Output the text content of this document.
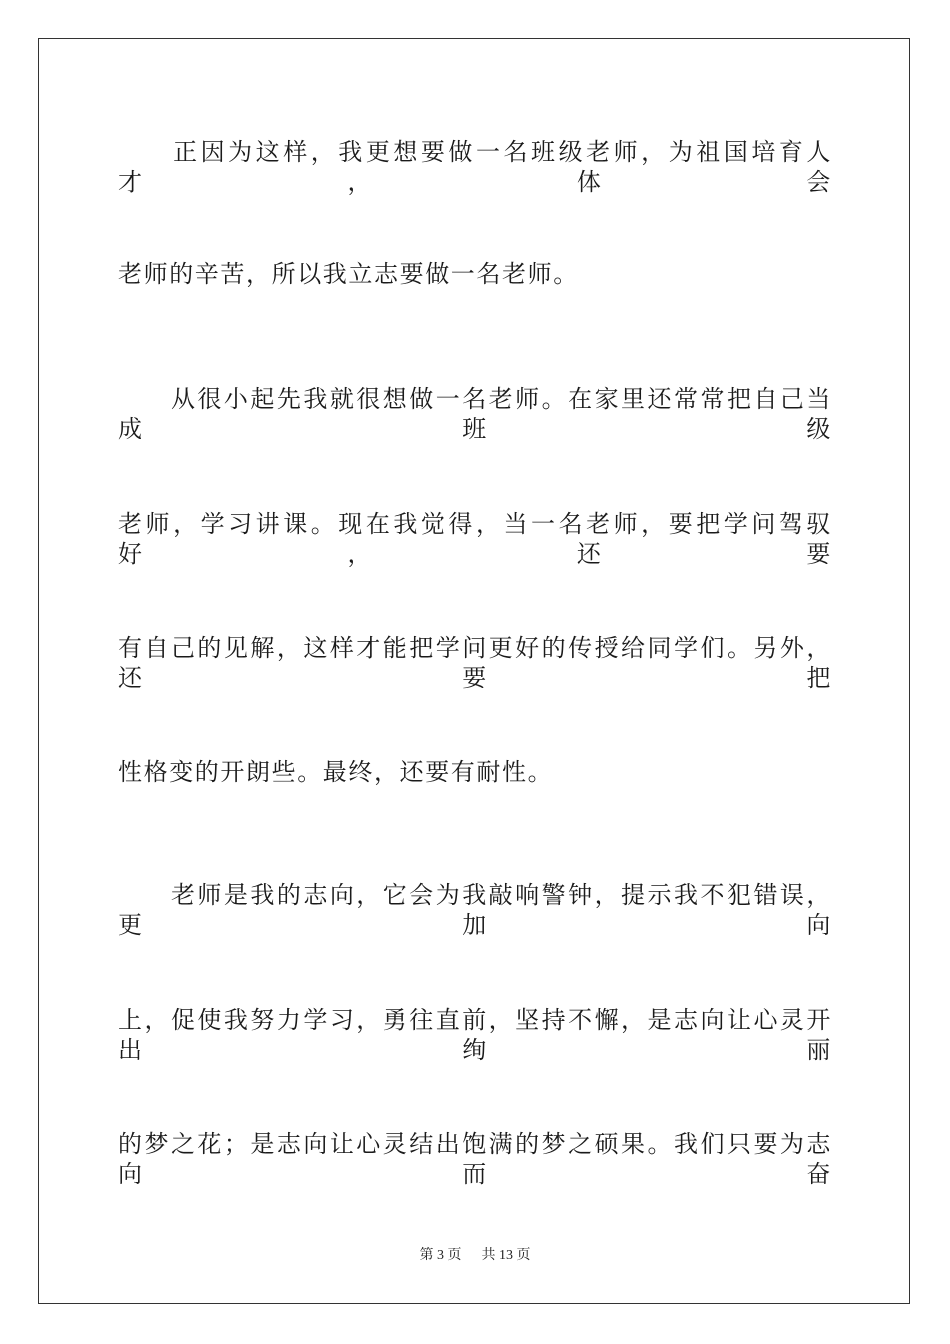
　　正因为这样，我更想要做一名班级老师，为祖国培育人才，体会
老师的辛苦，所以我立志要做一名老师。
　　从很小起先我就很想做一名老师。在家里还常常把自己当成班级
老师，学习讲课。现在我觉得，当一名老师，要把学问驾驭好，还要
有自己的见解，这样才能把学问更好的传授给同学们。另外，还要把
性格变的开朗些。最终，还要有耐性。
　　老师是我的志向，它会为我敲响警钟，提示我不犯错误，更加向
上，促使我努力学习，勇往直前，坚持不懈，是志向让心灵开出绚丽
的梦之花；是志向让心灵结出饱满的梦之硕果。我们只要为志向而奋
第 3 页 共 13 页
